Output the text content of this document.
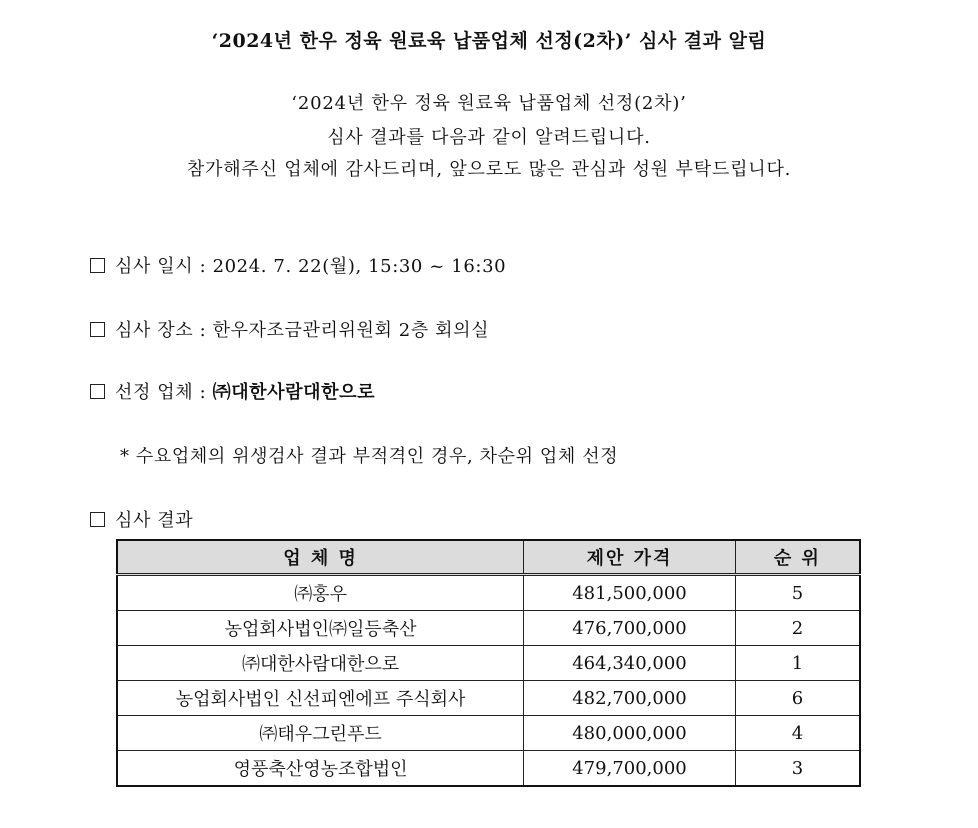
‘2024년 한우 정육 원료육 납품업체 선정(2차)’ 심사 결과 알림
‘2024년 한우 정육 원료육 납품업체 선정(2차)’
심사 결과를 다음과 같이 알려드립니다.
참가해주신 업체에 감사드리며, 앞으로도 많은 관심과 성원 부탁드립니다.
심사 일시 : 2024. 7. 22(월), 15:30 ~ 16:30
심사 장소 : 한우자조금관리위원회 2층 회의실
선정 업체 : ㈜대한사람대한으로
* 수요업체의 위생검사 결과 부적격인 경우, 차순위 업체 선정
심사 결과
업 체 명	제안 가격	순 위
㈜홍우	481,500,000	5
농업회사법인㈜일등축산	476,700,000	2
㈜대한사람대한으로	464,340,000	1
농업회사법인 신선피엔에프 주식회사	482,700,000	6
㈜태우그린푸드	480,000,000	4
영풍축산영농조합법인	479,700,000	3
